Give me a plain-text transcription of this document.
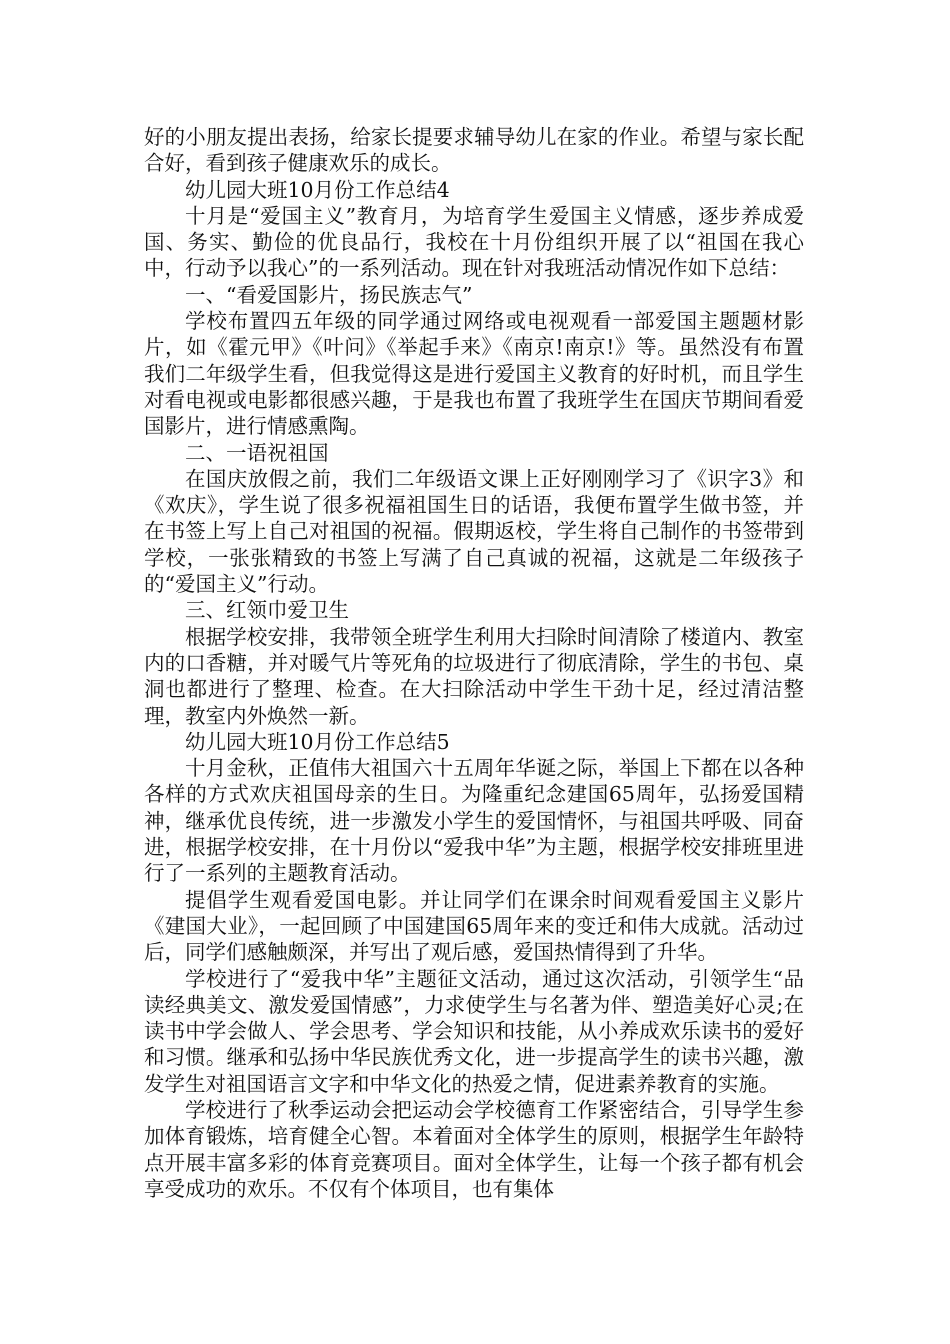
好的小朋友提出表扬，给家长提要求辅导幼儿在家的作业。希望与家长配合好，看到孩子健康欢乐的成长。

幼儿园大班10月份工作总结4

十月是“爱国主义”教育月，为培育学生爱国主义情感，逐步养成爱国、务实、勤俭的优良品行，我校在十月份组织开展了以“祖国在我心中，行动予以我心”的一系列活动。现在针对我班活动情况作如下总结：

一、“看爱国影片，扬民族志气”

学校布置四五年级的同学通过网络或电视观看一部爱国主题题材影片，如《霍元甲》《叶问》《举起手来》《南京!南京!》等。虽然没有布置我们二年级学生看，但我觉得这是进行爱国主义教育的好时机，而且学生对看电视或电影都很感兴趣，于是我也布置了我班学生在国庆节期间看爱国影片，进行情感熏陶。

二、一语祝祖国

在国庆放假之前，我们二年级语文课上正好刚刚学习了《识字3》和《欢庆》，学生说了很多祝福祖国生日的话语，我便布置学生做书签，并在书签上写上自己对祖国的祝福。假期返校，学生将自己制作的书签带到学校，一张张精致的书签上写满了自己真诚的祝福，这就是二年级孩子的“爱国主义”行动。

三、红领巾爱卫生

根据学校安排，我带领全班学生利用大扫除时间清除了楼道内、教室内的口香糖，并对暖气片等死角的垃圾进行了彻底清除，学生的书包、桌洞也都进行了整理、检查。在大扫除活动中学生干劲十足，经过清洁整理，教室内外焕然一新。

幼儿园大班10月份工作总结5

十月金秋，正值伟大祖国六十五周年华诞之际，举国上下都在以各种各样的方式欢庆祖国母亲的生日。为隆重纪念建国65周年，弘扬爱国精神，继承优良传统，进一步激发小学生的爱国情怀，与祖国共呼吸、同奋进，根据学校安排，在十月份以“爱我中华”为主题，根据学校安排班里进行了一系列的主题教育活动。

提倡学生观看爱国电影。并让同学们在课余时间观看爱国主义影片《建国大业》，一起回顾了中国建国65周年来的变迁和伟大成就。活动过后，同学们感触颇深，并写出了观后感，爱国热情得到了升华。

学校进行了“爱我中华”主题征文活动，通过这次活动，引领学生“品读经典美文、激发爱国情感”，力求使学生与名著为伴、塑造美好心灵;在读书中学会做人、学会思考、学会知识和技能，从小养成欢乐读书的爱好和习惯。继承和弘扬中华民族优秀文化，进一步提高学生的读书兴趣，激发学生对祖国语言文字和中华文化的热爱之情，促进素养教育的实施。

学校进行了秋季运动会把运动会学校德育工作紧密结合，引导学生参加体育锻炼，培育健全心智。本着面对全体学生的原则，根据学生年龄特点开展丰富多彩的体育竞赛项目。面对全体学生，让每一个孩子都有机会享受成功的欢乐。不仅有个体项目，也有集体
